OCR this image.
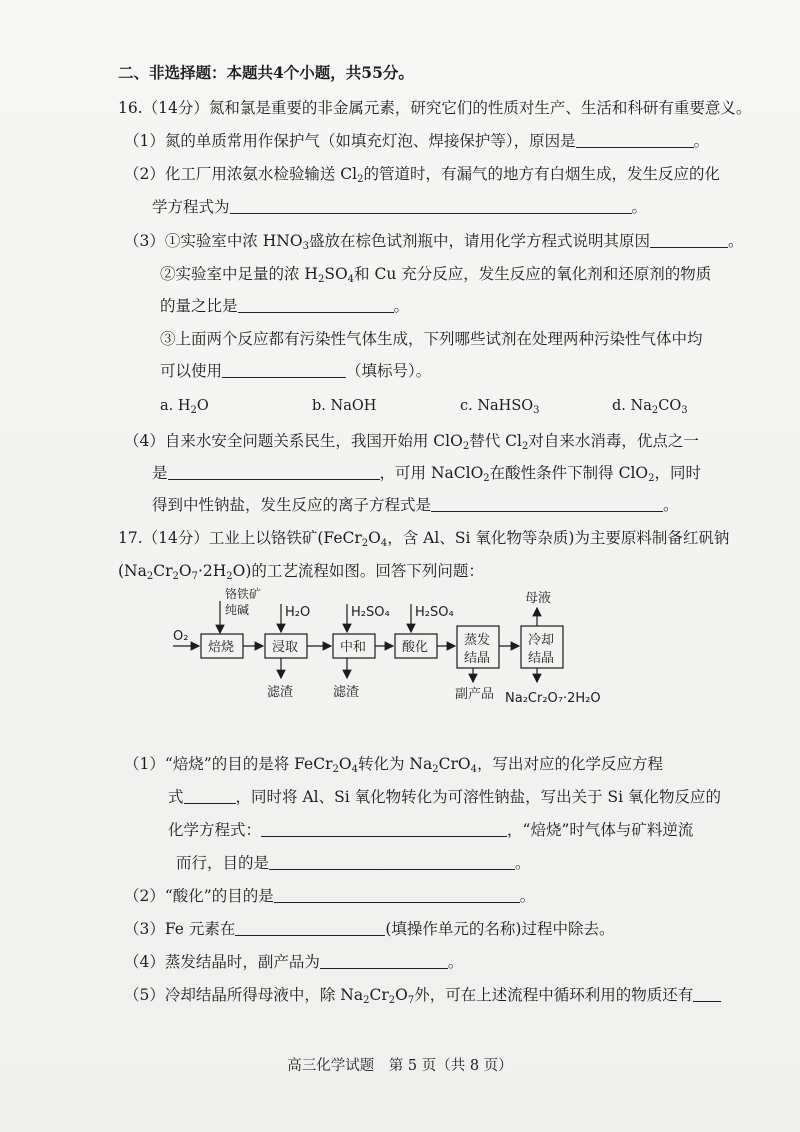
二、非选择题：本题共4个小题，共55分。
16.（14分）氮和氯是重要的非金属元素，研究它们的性质对生产、生活和科研有重要意义。
（1）氮的单质常用作保护气（如填充灯泡、焊接保护等），原因是	。
（2）化工厂用浓氨水检验输送 $Cl_2$的管道时，有漏气的地方有白烟生成，发生反应的化
学方程式为	。
（3）①实验室中浓 $HNO_3$盛放在棕色试剂瓶中，请用化学方程式说明其原因	。
②实验室中足量的浓 $H_2SO_4$和 Cu 充分反应，发生反应的氧化剂和还原剂的物质
的量之比是	。
③上面两个反应都有污染性气体生成，下列哪些试剂在处理两种污染性气体中均
可以使用	（填标号）。
a. $H_2O$	b. NaOH	c. NaHSO$_3$	d. $Na_2CO_3$
（4）自来水安全问题关系民生，我国开始用 ClO$_2$替代 $Cl_2$对自来水消毒，优点之一
是	，可用 NaClO$_2$在酸性条件下制得 ClO$_2$，同时
得到中性钠盐，发生反应的离子方程式是	。
17.（14分）工业上以铬铁矿($FeCr_2O_4$，含 Al、Si 氧化物等杂质)为主要原料制备红矾钠
$(Na_2Cr_2O_7\cdot 2H_2O)$的工艺流程如图。回答下列问题：
O₂
铬铁矿
纯碱
焙烧	浸取	中和	酸化	蒸发
结晶
冷却
结晶
H₂O	H₂SO₄ H₂SO₄
滤渣	滤渣	副产品 Na₂Cr₂O₇·2H₂O
母液
（1）“焙烧”的目的是将 $FeCr_2O_4$转化为 $Na_2CrO_4$，写出对应的化学反应方程
式	，同时将 Al、Si 氧化物转化为可溶性钠盐，写出关于 Si 氧化物反应的
化学方程式：	，“焙烧”时气体与矿料逆流
而行，目的是	。
（2）“酸化”的目的是	。
（3）Fe 元素在	(填操作单元的名称)过程中除去。
（4）蒸发结晶时，副产品为	。
（5）冷却结晶所得母液中，除 $Na_2Cr_2O_7$外，可在上述流程中循环利用的物质还有
高三化学试题　第 5 页（共 8 页）
